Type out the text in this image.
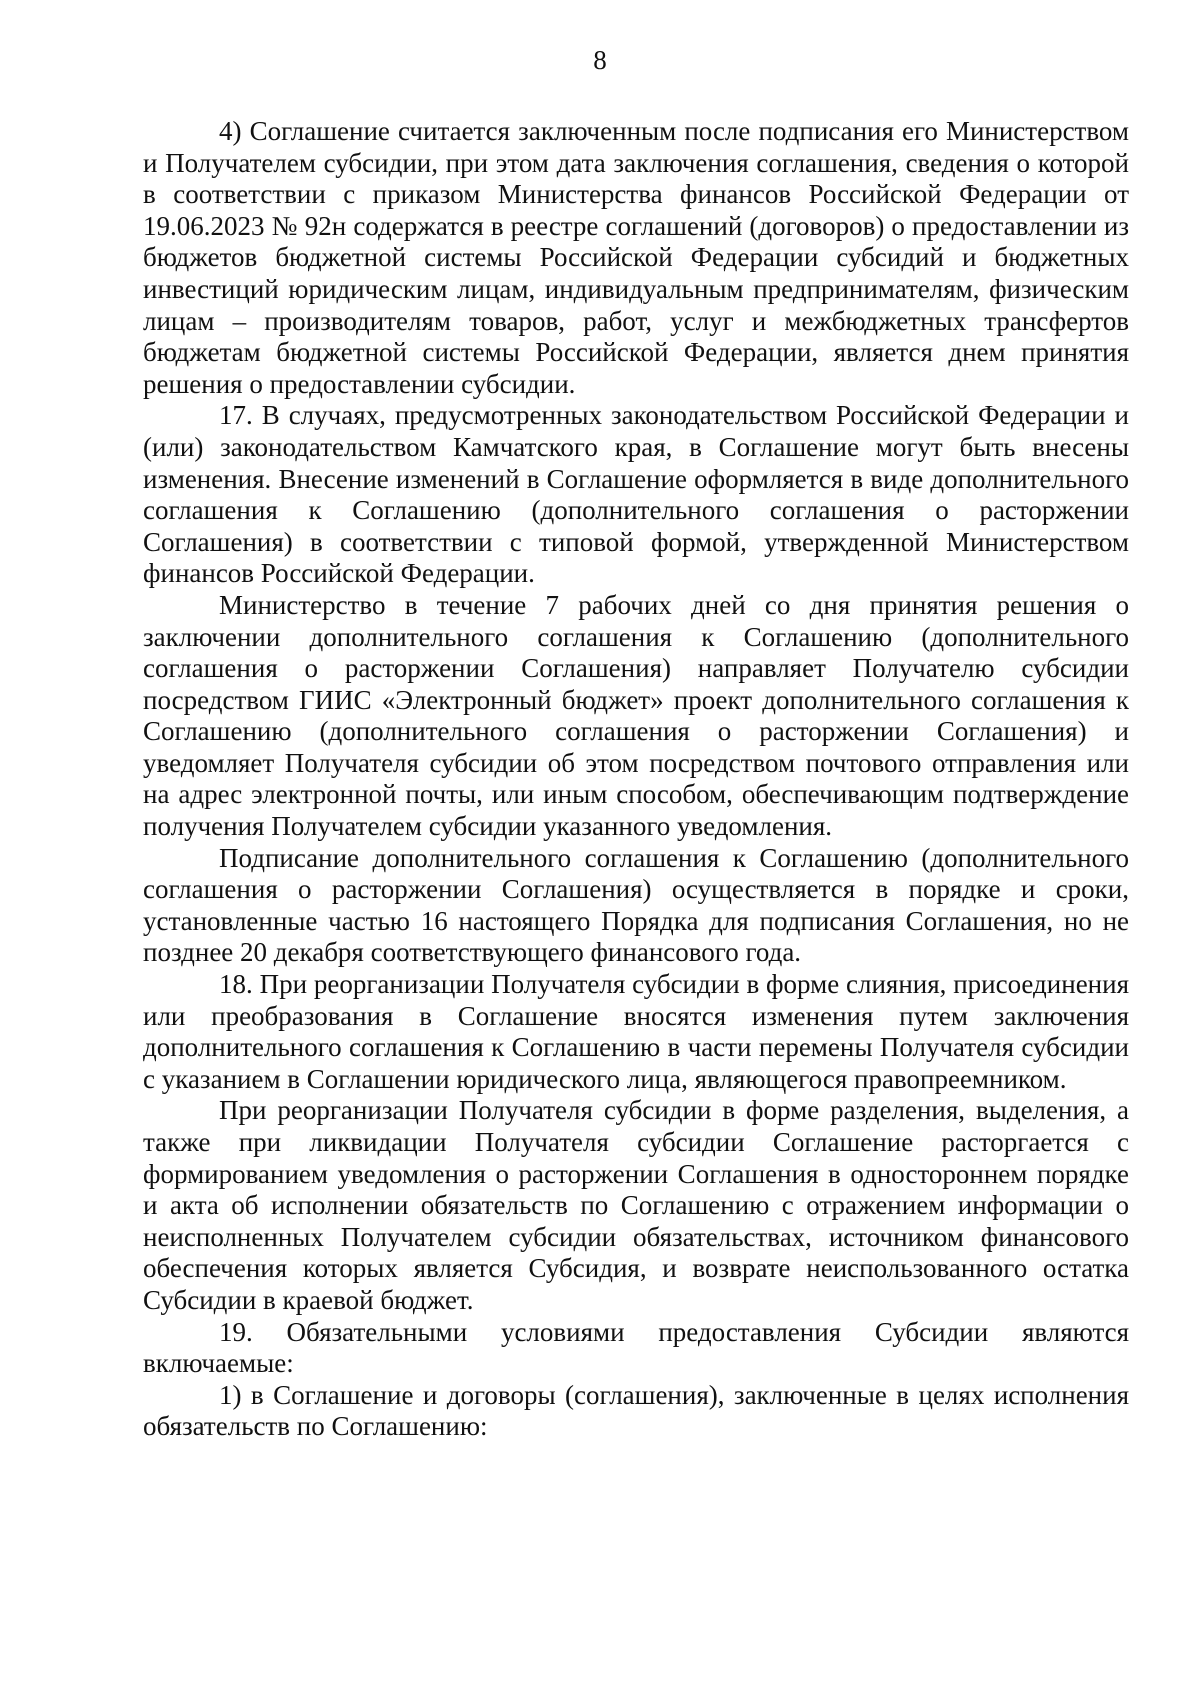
8

4) Соглашение считается заключенным после подписания его Министерством и Получателем субсидии, при этом дата заключения соглашения, сведения о которой в соответствии с приказом Министерства финансов Российской Федерации от 19.06.2023 № 92н содержатся в реестре соглашений (договоров) о предоставлении из бюджетов бюджетной системы Российской Федерации субсидий и бюджетных инвестиций юридическим лицам, индивидуальным предпринимателям, физическим лицам – производителям товаров, работ, услуг и межбюджетных трансфертов бюджетам бюджетной системы Российской Федерации, является днем принятия решения о предоставлении субсидии.

17. В случаях, предусмотренных законодательством Российской Федерации и (или) законодательством Камчатского края, в Соглашение могут быть внесены изменения. Внесение изменений в Соглашение оформляется в виде дополнительного соглашения к Соглашению (дополнительного соглашения о расторжении Соглашения) в соответствии с типовой формой, утвержденной Министерством финансов Российской Федерации.

Министерство в течение 7 рабочих дней со дня принятия решения о заключении дополнительного соглашения к Соглашению (дополнительного соглашения о расторжении Соглашения) направляет Получателю субсидии посредством ГИИС «Электронный бюджет» проект дополнительного соглашения к Соглашению (дополнительного соглашения о расторжении Соглашения) и уведомляет Получателя субсидии об этом посредством почтового отправления или на адрес электронной почты, или иным способом, обеспечивающим подтверждение получения Получателем субсидии указанного уведомления.

Подписание дополнительного соглашения к Соглашению (дополнительного соглашения о расторжении Соглашения) осуществляется в порядке и сроки, установленные частью 16 настоящего Порядка для подписания Соглашения, но не позднее 20 декабря соответствующего финансового года.

18. При реорганизации Получателя субсидии в форме слияния, присоединения или преобразования в Соглашение вносятся изменения путем заключения дополнительного соглашения к Соглашению в части перемены Получателя субсидии с указанием в Соглашении юридического лица, являющегося правопреемником.

При реорганизации Получателя субсидии в форме разделения, выделения, а также при ликвидации Получателя субсидии Соглашение расторгается с формированием уведомления о расторжении Соглашения в одностороннем порядке и акта об исполнении обязательств по Соглашению с отражением информации о неисполненных Получателем субсидии обязательствах, источником финансового обеспечения которых является Субсидия, и возврате неиспользованного остатка Субсидии в краевой бюджет.

19. Обязательными условиями предоставления Субсидии являются включаемые:

1) в Соглашение и договоры (соглашения), заключенные в целях исполнения обязательств по Соглашению:
